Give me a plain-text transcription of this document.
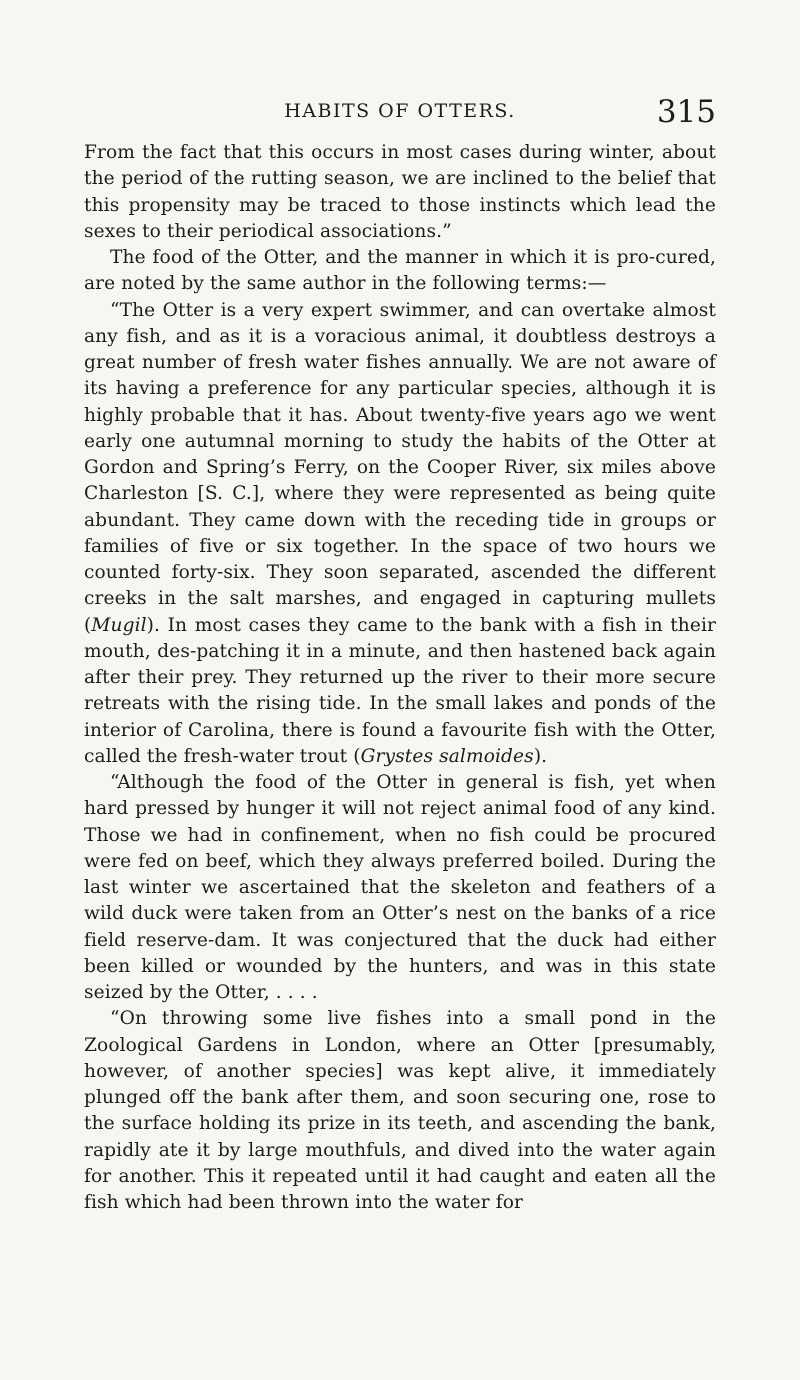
HABITS OF OTTERS.	315

From the fact that this occurs in most cases during winter, about the period of the rutting season, we are inclined to the belief that this propensity may be traced to those instincts which lead the sexes to their periodical associations.”

The food of the Otter, and the manner in which it is pro-cured, are noted by the same author in the following terms:—

“The Otter is a very expert swimmer, and can overtake almost any fish, and as it is a voracious animal, it doubtless destroys a great number of fresh water fishes annually. We are not aware of its having a preference for any particular species, although it is highly probable that it has. About twenty-five years ago we went early one autumnal morning to study the habits of the Otter at Gordon and Spring’s Ferry, on the Cooper River, six miles above Charleston [S. C.], where they were represented as being quite abundant. They came down with the receding tide in groups or families of five or six together. In the space of two hours we counted forty-six. They soon separated, ascended the different creeks in the salt marshes, and engaged in capturing mullets (Mugil). In most cases they came to the bank with a fish in their mouth, des-patching it in a minute, and then hastened back again after their prey. They returned up the river to their more secure retreats with the rising tide. In the small lakes and ponds of the interior of Carolina, there is found a favourite fish with the Otter, called the fresh-water trout (Grystes salmoides).

“Although the food of the Otter in general is fish, yet when hard pressed by hunger it will not reject animal food of any kind. Those we had in confinement, when no fish could be procured were fed on beef, which they always preferred boiled. During the last winter we ascertained that the skeleton and feathers of a wild duck were taken from an Otter’s nest on the banks of a rice field reserve-dam. It was conjectured that the duck had either been killed or wounded by the hunters, and was in this state seized by the Otter, . . . .

“On throwing some live fishes into a small pond in the Zoological Gardens in London, where an Otter [presumably, however, of another species] was kept alive, it immediately plunged off the bank after them, and soon securing one, rose to the surface holding its prize in its teeth, and ascending the bank, rapidly ate it by large mouthfuls, and dived into the water again for another. This it repeated until it had caught and eaten all the fish which had been thrown into the water for
